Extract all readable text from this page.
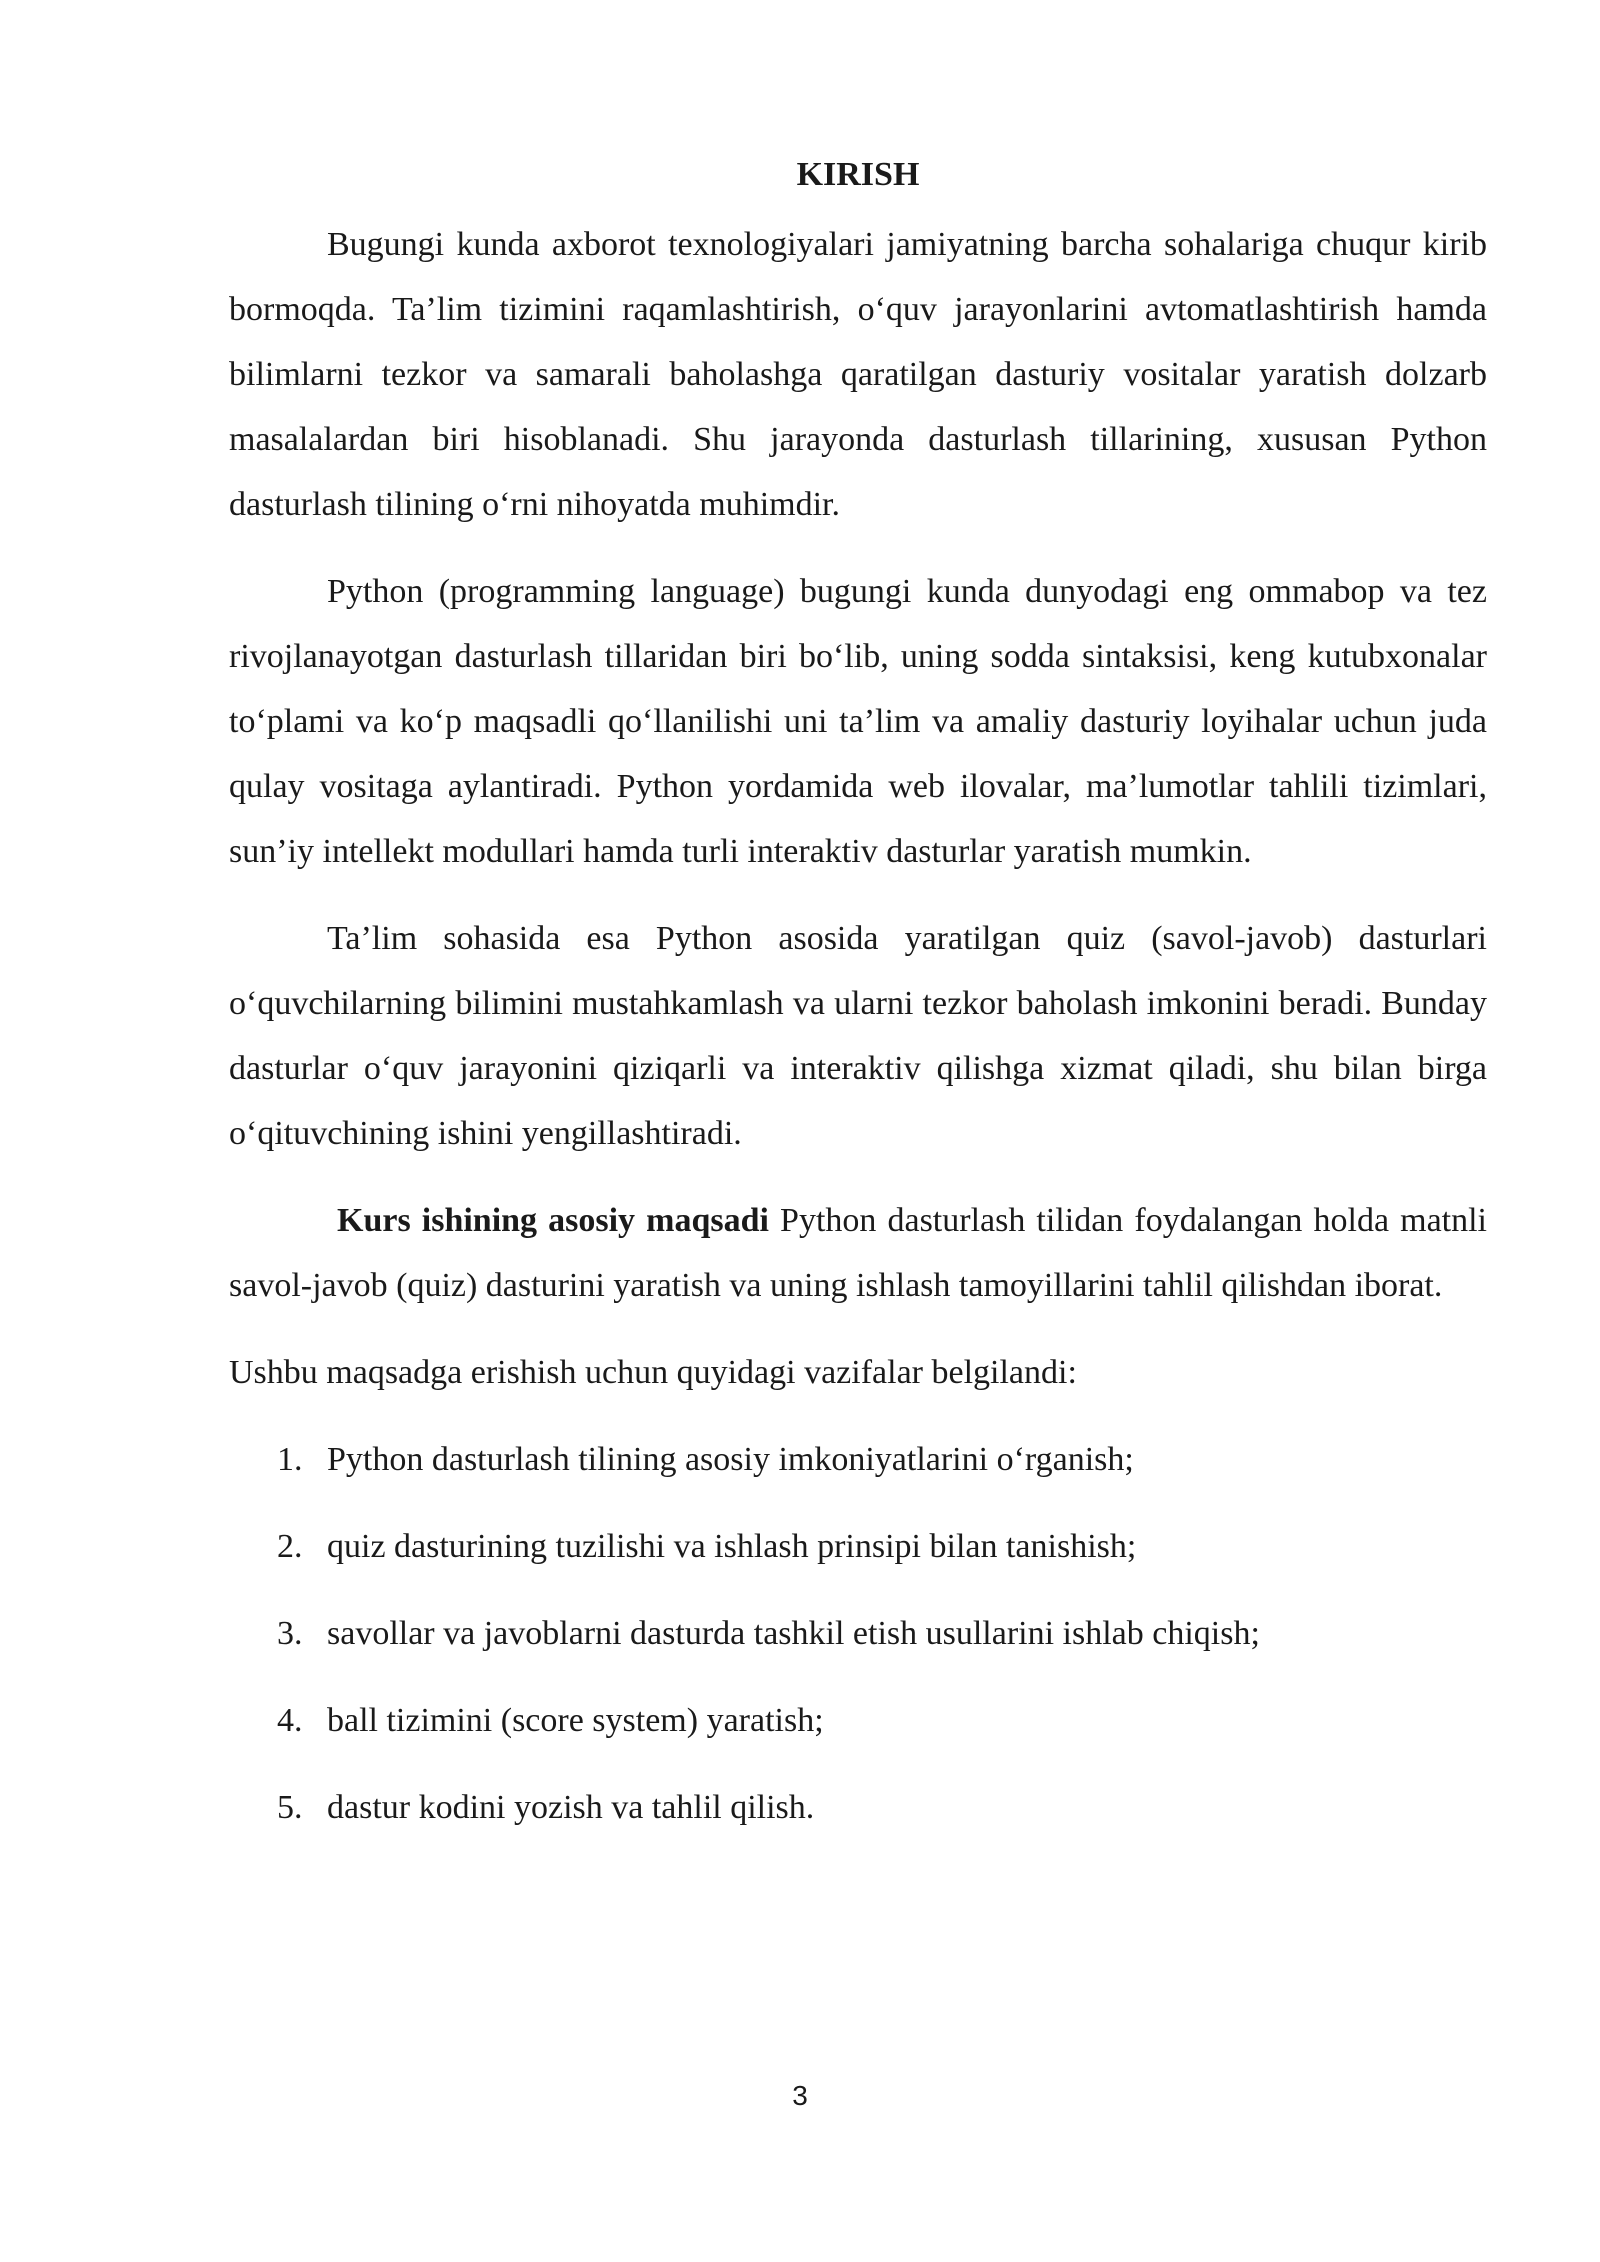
KIRISH

Bugungi kunda axborot texnologiyalari jamiyatning barcha sohalariga chuqur kirib bormoqda. Ta’lim tizimini raqamlashtirish, o‘quv jarayonlarini avtomatlashtirish hamda bilimlarni tezkor va samarali baholashga qaratilgan dasturiy vositalar yaratish dolzarb masalalardan biri hisoblanadi. Shu jarayonda dasturlash tillarining, xususan Python dasturlash tilining o‘rni nihoyatda muhimdir.

Python (programming language) bugungi kunda dunyodagi eng ommabop va tez rivojlanayotgan dasturlash tillaridan biri bo‘lib, uning sodda sintaksisi, keng kutubxonalar to‘plami va ko‘p maqsadli qo‘llanilishi uni ta’lim va amaliy dasturiy loyihalar uchun juda qulay vositaga aylantiradi. Python yordamida web ilovalar, ma’lumotlar tahlili tizimlari, sun’iy intellekt modullari hamda turli interaktiv dasturlar yaratish mumkin.

Ta’lim sohasida esa Python asosida yaratilgan quiz (savol-javob) dasturlari o‘quvchilarning bilimini mustahkamlash va ularni tezkor baholash imkonini beradi. Bunday dasturlar o‘quv jarayonini qiziqarli va interaktiv qilishga xizmat qiladi, shu bilan birga o‘qituvchining ishini yengillashtiradi.

Kurs ishining asosiy maqsadi Python dasturlash tilidan foydalangan holda matnli savol-javob (quiz) dasturini yaratish va uning ishlash tamoyillarini tahlil qilishdan iborat.

Ushbu maqsadga erishish uchun quyidagi vazifalar belgilandi:

1. Python dasturlash tilining asosiy imkoniyatlarini o‘rganish;
2. quiz dasturining tuzilishi va ishlash prinsipi bilan tanishish;
3. savollar va javoblarni dasturda tashkil etish usullarini ishlab chiqish;
4. ball tizimini (score system) yaratish;
5. dastur kodini yozish va tahlil qilish.
3
